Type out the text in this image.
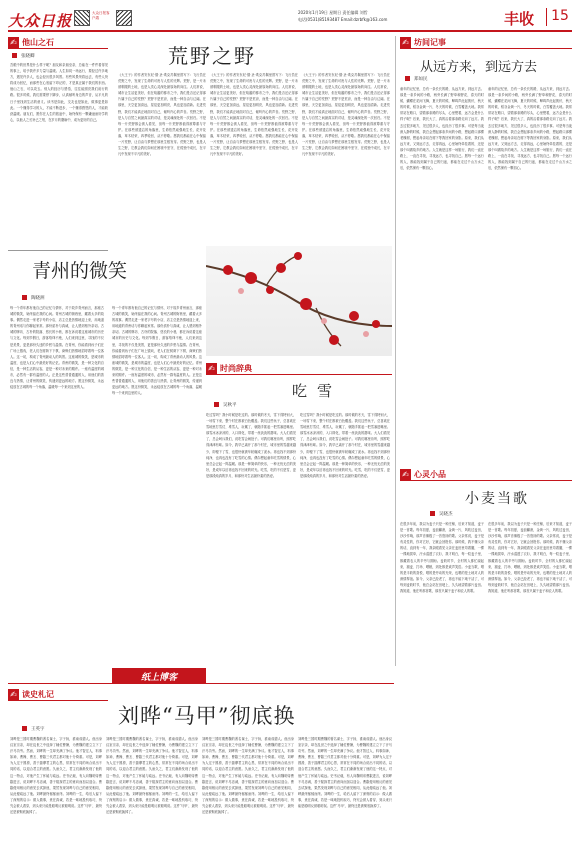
大众日报	大众日报客户端
2020年1月19日 星期日 责任编辑 刘哲
电话(0531)85193487 Email:dzrbfk@163.com	丰收	15
✍ 他山之石
张晓卿
吾眼中的世界是什么样子呢？朋友和亲朋至亲，总能在一件件看得见的事上，给予我许多力量与温暖。人生如同一场远行，要经过许多地方，遇见许多人，也会经历很多风景。有些风景终将远去，有些人终将成为回忆，而那些在心底留下印记的，才是真正属于我们的东西。他山之石，可以攻玉。别人的经历与感悟，往往能照亮我们前行的路。很多时候，我们需要停下脚步，认真倾听身边的声音，从平凡的日子里找到生活的意义。读书是如此，交友也是如此，做事更是如此。一个懂得学习的人，才能不断进步，一个懂得感恩的人，才能收获温暖。朋友们，愿你在人生的旅途中，始终保有一颗谦逊而好学的心，以他人之长补己之短，在岁月的磨砺中，成为更好的自己。
青州的微笑
陶晓洲
每一个青年都有他自己的记忆与情怀，对于故乡青州而言，那座古城的微笑，始终留在我的心间。青州古城的街巷里，藏着太多的故事。偶然走进一家老字号的小店，店主总是热情地迎上来，用地道的青州话与你聊起家常。那份质朴与真诚，让人感到格外亲切。古城的牌坊、古朴的院落、悠长的小巷，都在诉说着这座城市的历史与文化。每到节假日，游客络绎不绝，人们来到这里，寻找的不仅是美景，更是那份久违的乡愁与温情。在青州，你能看到孩子们在广场上嬉戏，老人们在树荫下下棋，商贩们热情地招呼着每一位客人。这一切，构成了青州最动人的风景。这座城的微笑，是城市的温度，也是人们心中最美好的记忆。青州的微笑，是一种文化的自信，是一种生活的从容，更是一种对未来的期许。一座有温度的城市，必然有一群有温度的人。正是这些普普通通的人，用他们的善良与热情，让青州的微笑，传递到更远的地方。愿这份微笑，永远绽放在古城的每一个角落，温暖每一个来到这里的人。
每一个青年都有他自己的记忆与情怀，对于故乡青州而言，那座古城的微笑，始终留在我的心间。青州古城的街巷里，藏着太多的故事。偶然走进一家老字号的小店，店主总是热情地迎上来，用地道的青州话与你聊起家常。那份质朴与真诚，让人感到格外亲切。古城的牌坊、古朴的院落、悠长的小巷，都在诉说着这座城市的历史与文化。每到节假日，游客络绎不绝，人们来到这里，寻找的不仅是美景，更是那份久违的乡愁与温情。在青州，你能看到孩子们在广场上嬉戏，老人们在树荫下下棋，商贩们热情地招呼着每一位客人。这一切，构成了青州最动人的风景。这座城的微笑，是城市的温度，也是人们心中最美好的记忆。青州的微笑，是一种文化的自信，是一种生活的从容，更是一种对未来的期许。一座有温度的城市，必然有一群有温度的人。正是这些普普通通的人，用他们的善良与热情，让青州的微笑，传递到更远的地方。愿这份微笑，永远绽放在古城的每一个角落，温暖每一个来到这里的人。
荒野之野
《大王子》的作者安东尼·德·圣-埃克苏佩里曾写下：飞行员在荒野之中，发现了生命的可贵与人性的光辉。荒野，是一片未被驯服的土地，也是人类心灵深处最原始的向往。人们常说，城市让生活更美好，但在喧嚣的都市之中，我们是否还记得那片属于自己的荒野？荒野不是荒凉，而是一种自由与辽阔。在那里，天空更加高远，星辰更加明亮，风也更加清新。走进荒野，我们才能真正地面对自己，倾听内心的声音。荒野之野，是人与自然之间最真实的对话，是灵魂深处的一次回归。不是每一片荒野都会被人看见，但每一片荒野都值得被尊重与守护。在那些被遗忘的角落里，生命依然顽强地生长，花开花落，草木枯荣，四季轮回，从不停歇。愿我们都能在心中保留一片荒野，让自由与梦想在那里生根发芽。荒野之野，也是人生之野，它教会我们如何在困境中坚守，在孤独中成长，在平凡中发现不平凡的美好。
《大王子》的作者安东尼·德·圣-埃克苏佩里曾写下：飞行员在荒野之中，发现了生命的可贵与人性的光辉。荒野，是一片未被驯服的土地，也是人类心灵深处最原始的向往。人们常说，城市让生活更美好，但在喧嚣的都市之中，我们是否还记得那片属于自己的荒野？荒野不是荒凉，而是一种自由与辽阔。在那里，天空更加高远，星辰更加明亮，风也更加清新。走进荒野，我们才能真正地面对自己，倾听内心的声音。荒野之野，是人与自然之间最真实的对话，是灵魂深处的一次回归。不是每一片荒野都会被人看见，但每一片荒野都值得被尊重与守护。在那些被遗忘的角落里，生命依然顽强地生长，花开花落，草木枯荣，四季轮回，从不停歇。愿我们都能在心中保留一片荒野，让自由与梦想在那里生根发芽。荒野之野，也是人生之野，它教会我们如何在困境中坚守，在孤独中成长，在平凡中发现不平凡的美好。
《大王子》的作者安东尼·德·圣-埃克苏佩里曾写下：飞行员在荒野之中，发现了生命的可贵与人性的光辉。荒野，是一片未被驯服的土地，也是人类心灵深处最原始的向往。人们常说，城市让生活更美好，但在喧嚣的都市之中，我们是否还记得那片属于自己的荒野？荒野不是荒凉，而是一种自由与辽阔。在那里，天空更加高远，星辰更加明亮，风也更加清新。走进荒野，我们才能真正地面对自己，倾听内心的声音。荒野之野，是人与自然之间最真实的对话，是灵魂深处的一次回归。不是每一片荒野都会被人看见，但每一片荒野都值得被尊重与守护。在那些被遗忘的角落里，生命依然顽强地生长，花开花落，草木枯荣，四季轮回，从不停歇。愿我们都能在心中保留一片荒野，让自由与梦想在那里生根发芽。荒野之野，也是人生之野，它教会我们如何在困境中坚守，在孤独中成长，在平凡中发现不平凡的美好。
✍ 时尚辞典
吃雪
吴秋平
吃过雪吗？我小时候是吃过的。那时候的冬天，雪下得特别大，一场雪下来，整个村庄都被白色覆盖。我们这些孩子，总喜欢在雪地里打雪仗、堆雪人，玩累了，就随手抓起一把雪塞进嘴里。那雪冰冰凉凉的，入口即化，带着一丝淡淡的甜味。大人们看见了，总会呵斥我们，说吃雪会闹肚子。可我们哪里肯听，照样吃得津津有味。如今，我早已离开了那个村庄，城市里的雪越来越少，即便下了雪，也很快就被车轮碾成了泥水。再也找不到那份纯净，也再也没有了吃雪的心情。偶尔想起童年吃雪的情景，心里总会泛起一阵温暖。那是一种简单的快乐，一种无忧无虑的美好，是成年以后再也找不回来的时光。吃雪，吃的不仅是雪，更是那段纯真的岁月，和那份对生活最朴素的热爱。
吃过雪吗？我小时候是吃过的。那时候的冬天，雪下得特别大，一场雪下来，整个村庄都被白色覆盖。我们这些孩子，总喜欢在雪地里打雪仗、堆雪人，玩累了，就随手抓起一把雪塞进嘴里。那雪冰冰凉凉的，入口即化，带着一丝淡淡的甜味。大人们看见了，总会呵斥我们，说吃雪会闹肚子。可我们哪里肯听，照样吃得津津有味。如今，我早已离开了那个村庄，城市里的雪越来越少，即便下了雪，也很快就被车轮碾成了泥水。再也找不到那份纯净，也再也没有了吃雪的心情。偶尔想起童年吃雪的情景，心里总会泛起一阵温暖。那是一种简单的快乐，一种无忧无虑的美好，是成年以后再也找不回来的时光。吃雪，吃的不仅是雪，更是那段纯真的岁月，和那份对生活最朴素的热爱。
✍ 坊间记事
从远方来，到远方去
郑如民
童年的记忆里，总有一条长长的路，从远方来，到远方去。那是一条乡间的小路，两旁长满了野草和野花，春天的时候，蝴蝶在花间飞舞，夏天的时候，蝉鸣声此起彼伏，秋天的时候，稻谷金黄一片，冬天的时候，白雪覆盖大地。我常常站在路口，望着那条路的尽头，心里想着，远方会是什么样子呢？后来，我长大了，真的沿着那条路走向了远方。我去过很多地方，见过很多人，也经历了很多事。可是每当夜深人静的时候，我总会想起那条乡间的小路，想起路口那棵老槐树，想起母亲站在树下等我回家的身影。原来，我们从远方来，又到远方去，走得再远，心里始终牵挂着的，还是那个叫做故乡的地方。人生就是这样一场旅行，我们一直在路上，一直在寻找，寻找远方，也寻找自己。愿每一个远行的人，都能找到属于自己的归途，都能在走过千山万水之后，依然保有一颗初心。
童年的记忆里，总有一条长长的路，从远方来，到远方去。那是一条乡间的小路，两旁长满了野草和野花，春天的时候，蝴蝶在花间飞舞，夏天的时候，蝉鸣声此起彼伏，秋天的时候，稻谷金黄一片，冬天的时候，白雪覆盖大地。我常常站在路口，望着那条路的尽头，心里想着，远方会是什么样子呢？后来，我长大了，真的沿着那条路走向了远方。我去过很多地方，见过很多人，也经历了很多事。可是每当夜深人静的时候，我总会想起那条乡间的小路，想起路口那棵老槐树，想起母亲站在树下等我回家的身影。原来，我们从远方来，又到远方去，走得再远，心里始终牵挂着的，还是那个叫做故乡的地方。人生就是这样一场旅行，我们一直在路上，一直在寻找，寻找远方，也寻找自己。愿每一个远行的人，都能找到属于自己的归途，都能在走过千山万水之后，依然保有一颗初心。
✍ 心灵小品
小麦当歌
吴晓杰
在很多年前，我以为麦子只是一种庄稼，后来才知道，麦子是一首歌。每年初夏，麦浪翻滚，金黄一片，风吹过麦田，沙沙作响，那声音像极了一首悠扬的歌。父亲常说，麦子是有灵性的，你对它好，它就会回报你。那时候，我不懂父亲的话，直到有一年，我亲眼看见父亲在麦田里弯着腰，一棵一棵地拔草，汗水湿透了衣衫，我才明白，每一粒麦子里，都藏着农人的辛劳与期盼。麦收时节，全村的人都忙碌起来，割麦、打场、晒粮，到处都是欢声笑语。小麦当歌，唱的是丰收的喜悦，唱的是劳动的光荣，也唱的是土地对人的深情厚谊。如今，父亲已经老了，再也不能下地干活了，可每到麦收时节，他总会站在田埂上，久久地望着那片麦田。我知道，他在听那首歌，那首只属于麦子和农人的歌。
在很多年前，我以为麦子只是一种庄稼，后来才知道，麦子是一首歌。每年初夏，麦浪翻滚，金黄一片，风吹过麦田，沙沙作响，那声音像极了一首悠扬的歌。父亲常说，麦子是有灵性的，你对它好，它就会回报你。那时候，我不懂父亲的话，直到有一年，我亲眼看见父亲在麦田里弯着腰，一棵一棵地拔草，汗水湿透了衣衫，我才明白，每一粒麦子里，都藏着农人的辛劳与期盼。麦收时节，全村的人都忙碌起来，割麦、打场、晒粮，到处都是欢声笑语。小麦当歌，唱的是丰收的喜悦，唱的是劳动的光荣，也唱的是土地对人的深情厚谊。如今，父亲已经老了，再也不能下地干活了，可每到麦收时节，他总会站在田埂上，久久地望着那片麦田。我知道，他在听那首歌，那首只属于麦子和农人的歌。
纸上博客
✍ 读史札记
刘晔“马甲”彻底换
王英宇
刘晔是三国时期曹魏的著名谋士，字子扬，淮南成德人。他出身汉室宗亲，却在乱世之中选择了辅佐曹操，为曹魏的建立立下了汗马功劳。然而，刘晔的一生却充满了争议。他才智过人，料事如神，曹操、曹丕、曹叡三代君主都对他十分倚重。可是，刘晔为人过于圆滑，善于揣摩君主的心思，常常在不同的场合说出不同的话，以迎合君主的意愿。久而久之，君主们渐渐发现了他的这一特点，对他产生了怀疑与疏远。史书记载，有人向魏明帝曹叡进言，说刘晔不尽忠诚，善于窥探君主的意向而加以迎合。曹叡便用相反的意见去试探他，果然发现刘晔与自己的意见相同，从此便疏远了他。刘晔最终郁郁而终。刘晔的一生，给后人留下了深刻的启示：做人做事，贵在真诚，若是一味地投机取巧，终究会被人看穿，到头来只能是聪明反被聪明误。这件‘马甲’，最终还是被彻底换掉了。
刘晔是三国时期曹魏的著名谋士，字子扬，淮南成德人。他出身汉室宗亲，却在乱世之中选择了辅佐曹操，为曹魏的建立立下了汗马功劳。然而，刘晔的一生却充满了争议。他才智过人，料事如神，曹操、曹丕、曹叡三代君主都对他十分倚重。可是，刘晔为人过于圆滑，善于揣摩君主的心思，常常在不同的场合说出不同的话，以迎合君主的意愿。久而久之，君主们渐渐发现了他的这一特点，对他产生了怀疑与疏远。史书记载，有人向魏明帝曹叡进言，说刘晔不尽忠诚，善于窥探君主的意向而加以迎合。曹叡便用相反的意见去试探他，果然发现刘晔与自己的意见相同，从此便疏远了他。刘晔最终郁郁而终。刘晔的一生，给后人留下了深刻的启示：做人做事，贵在真诚，若是一味地投机取巧，终究会被人看穿，到头来只能是聪明反被聪明误。这件‘马甲’，最终还是被彻底换掉了。
刘晔是三国时期曹魏的著名谋士，字子扬，淮南成德人。他出身汉室宗亲，却在乱世之中选择了辅佐曹操，为曹魏的建立立下了汗马功劳。然而，刘晔的一生却充满了争议。他才智过人，料事如神，曹操、曹丕、曹叡三代君主都对他十分倚重。可是，刘晔为人过于圆滑，善于揣摩君主的心思，常常在不同的场合说出不同的话，以迎合君主的意愿。久而久之，君主们渐渐发现了他的这一特点，对他产生了怀疑与疏远。史书记载，有人向魏明帝曹叡进言，说刘晔不尽忠诚，善于窥探君主的意向而加以迎合。曹叡便用相反的意见去试探他，果然发现刘晔与自己的意见相同，从此便疏远了他。刘晔最终郁郁而终。刘晔的一生，给后人留下了深刻的启示：做人做事，贵在真诚，若是一味地投机取巧，终究会被人看穿，到头来只能是聪明反被聪明误。这件‘马甲’，最终还是被彻底换掉了。
刘晔是三国时期曹魏的著名谋士，字子扬，淮南成德人。他出身汉室宗亲，却在乱世之中选择了辅佐曹操，为曹魏的建立立下了汗马功劳。然而，刘晔的一生却充满了争议。他才智过人，料事如神，曹操、曹丕、曹叡三代君主都对他十分倚重。可是，刘晔为人过于圆滑，善于揣摩君主的心思，常常在不同的场合说出不同的话，以迎合君主的意愿。久而久之，君主们渐渐发现了他的这一特点，对他产生了怀疑与疏远。史书记载，有人向魏明帝曹叡进言，说刘晔不尽忠诚，善于窥探君主的意向而加以迎合。曹叡便用相反的意见去试探他，果然发现刘晔与自己的意见相同，从此便疏远了他。刘晔最终郁郁而终。刘晔的一生，给后人留下了深刻的启示：做人做事，贵在真诚，若是一味地投机取巧，终究会被人看穿，到头来只能是聪明反被聪明误。这件‘马甲’，最终还是被彻底换掉了。
